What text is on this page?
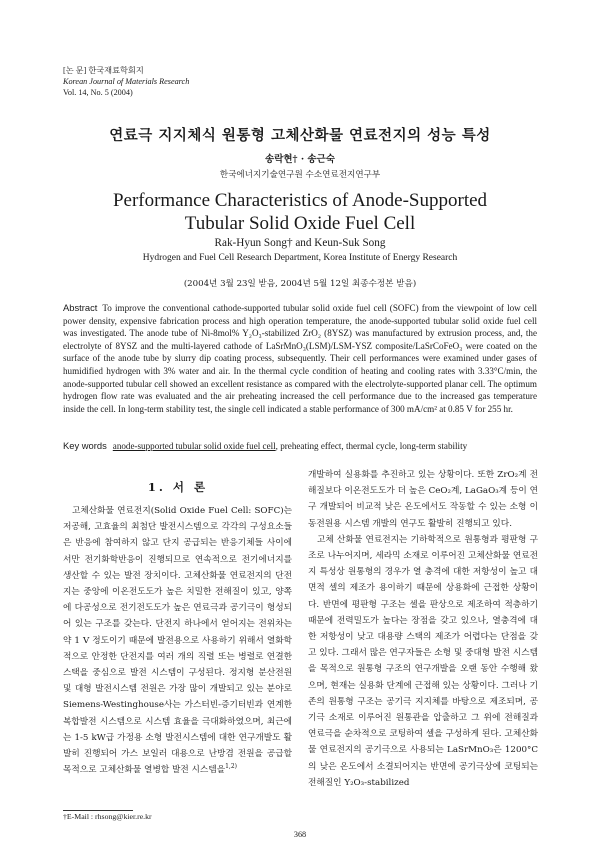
[논 문] 한국재료학회지
Korean Journal of Materials Research
Vol. 14, No. 5 (2004)
연료극 지지체식 원통형 고체산화물 연료전지의 성능 특성
송락현† · 송근숙
한국에너지기술연구원 수소연료전지연구부
Performance Characteristics of Anode-Supported
Tubular Solid Oxide Fuel Cell
Rak-Hyun Song† and Keun-Suk Song
Hydrogen and Fuel Cell Research Department, Korea Institute of Energy Research
(2004년 3월 23일 받음, 2004년 5월 12일 최종수정본 받음)
Abstract To improve the conventional cathode-supported tubular solid oxide fuel cell (SOFC) from the viewpoint of low cell power density, expensive fabrication process and high operation temperature, the anode-supported tubular solid oxide fuel cell was investigated. The anode tube of Ni-8mol% Y₂O₃-stabilized ZrO₂ (8YSZ) was manufactured by extrusion process, and, the electrolyte of 8YSZ and the multi-layered cathode of LaSrMnO₃(LSM)/LSM-YSZ composite/LaSrCoFeO₃ were coated on the surface of the anode tube by slurry dip coating process, subsequently. Their cell performances were examined under gases of humidified hydrogen with 3% water and air. In the thermal cycle condition of heating and cooling rates with 3.33°C/min, the anode-supported tubular cell showed an excellent resistance as compared with the electrolyte-supported planar cell. The optimum hydrogen flow rate was evaluated and the air preheating increased the cell performance due to the increased gas temperature inside the cell. In long-term stability test, the single cell indicated a stable performance of 300 mA/cm² at 0.85 V for 255 hr.
Key words anode-supported tubular solid oxide fuel cell, preheating effect, thermal cycle, long-term stability
1. 서 론

고체산화물 연료전지(Solid Oxide Fuel Cell: SOFC)는 저공해, 고효율의 최첨단 발전시스템으로 각각의 구성요소들은 반응에 참여하지 않고 단지 공급되는 반응기체들 사이에서만 전기화학반응이 진행되므로 연속적으로 전기에너지를 생산할 수 있는 발전 장치이다. 고체산화물 연료전지의 단전지는 중앙에 이온전도도가 높은 치밀한 전해질이 있고, 양쪽에 다공성으로 전기전도도가 높은 연료극과 공기극이 형성되어 있는 구조를 갖는다. 단전지 하나에서 얻어지는 전위차는 약 1 V 정도이기 때문에 발전용으로 사용하기 위해서 열화학적으로 안정한 단전지를 여러 개의 직렬 또는 병렬로 연결한 스택을 중심으로 발전 시스템이 구성된다. 정지형 분산전원 및 대형 발전시스템 전원은 가장 많이 개발되고 있는 분야로 Siemens-Westinghouse사는 가스터빈-증기터빈과 연계한 복합발전 시스템으로 시스템 효율을 극대화하였으며, 최근에는 1-5 kW급 가정용 소형 발전시스템에 대한 연구개발도 활발히 진행되어 가스 보일러 대용으로 난방겸 전원을 공급할 목적으로 고체산화물 열병합 발전 시스템을$^{1,2)}$

개발하여 실용화를 추진하고 있는 상황이다. 또한 ZrO₂계 전해질보다 이온전도도가 더 높은 CeO₂계, LaGaO₃계 등이 연구 개발되어 비교적 낮은 온도에서도 작동할 수 있는 소형 이동전원용 시스템 개발의 연구도 활발히 진행되고 있다.

고체 산화물 연료전지는 기하학적으로 원통형과 평판형 구조로 나누어지며, 세라믹 소재로 이루어진 고체산화물 연료전지 특성상 원통형의 경우가 열 충격에 대한 저항성이 높고 대면적 셀의 제조가 용이하기 때문에 상용화에 근접한 상황이다. 반면에 평판형 구조는 셀을 판상으로 제조하여 적층하기 때문에 전력밀도가 높다는 장점을 갖고 있으나, 열충격에 대한 저항성이 낮고 대용량 스택의 제조가 어렵다는 단점을 갖고 있다. 그래서 많은 연구자들은 소형 및 중대형 발전 시스템을 목적으로 원통형 구조의 연구개발을 오랜 동안 수행해 왔으며, 현재는 실용화 단계에 근접해 있는 상황이다. 그러나 기존의 원통형 구조는 공기극 지지체를 바탕으로 제조되며, 공기극 소재로 이루어진 원통관을 압출하고 그 위에 전해질과 연료극을 순차적으로 코팅하여 셀을 구성하게 된다. 고체산화물 연료전지의 공기극으로 사용되는 LaSrMnO₃은 1200°C의 낮은 온도에서 소결되어지는 반면에 공기극상에 코팅되는 전해질인 Y₂O₃-stabilized

†E-Mail : rhsong@kier.re.kr
368
